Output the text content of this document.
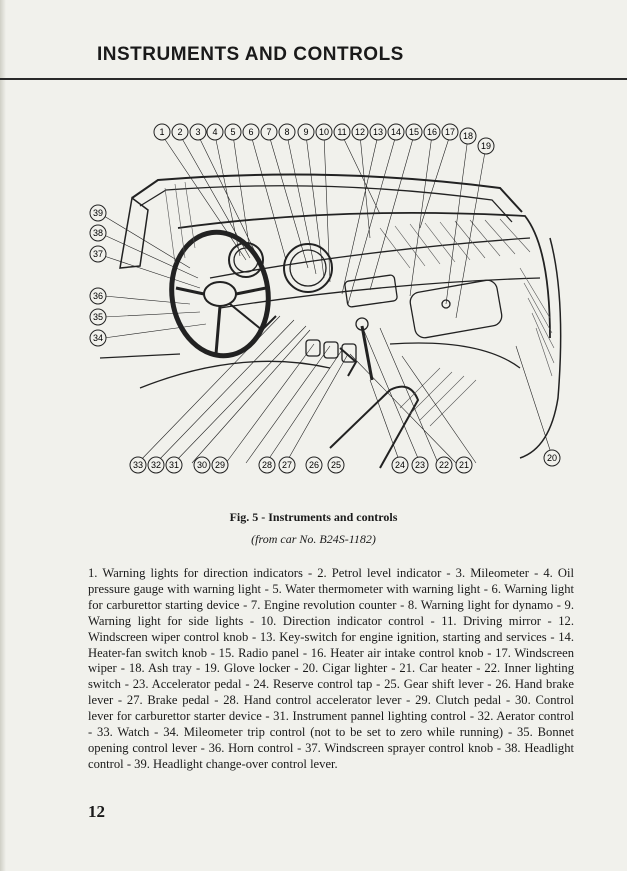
INSTRUMENTS AND CONTROLS
1 2 3 4 5 6 7 8 9 10 11 12 13 14 15 16 17 18
19
39
38
37
36
35
34
33 32 31 30 29	28 27 26 25	24 23 22 21
20
Fig. 5 - Instruments and controls
(from car No. B24S-1182)
1. Warning lights for direction indicators - 2. Petrol level indicator - 3. Mileometer - 4. Oil pressure gauge with warning light - 5. Water thermometer with warning light - 6. Warning light for carburettor starting device - 7. Engine revolution counter - 8. Warning light for dynamo - 9. Warning light for side lights - 10. Direction indicator control - 11. Driving mirror - 12. Windscreen wiper control knob - 13. Key-switch for engine ignition, starting and services - 14. Heater-fan switch knob - 15. Radio panel - 16. Heater air intake control knob - 17. Windscreen wiper - 18. Ash tray - 19. Glove locker - 20. Cigar lighter - 21. Car heater - 22. Inner lighting switch - 23. Accelerator pedal - 24. Reserve control tap - 25. Gear shift lever - 26. Hand brake lever - 27. Brake pedal - 28. Hand control accelerator lever - 29. Clutch pedal - 30. Control lever for carburettor starter device - 31. Instrument pannel lighting control - 32. Aerator control - 33. Watch - 34. Mileometer trip control (not to be set to zero while running) - 35. Bonnet opening control lever - 36. Horn control - 37. Windscreen sprayer control knob - 38. Headlight control - 39. Headlight change-over control lever.
12
